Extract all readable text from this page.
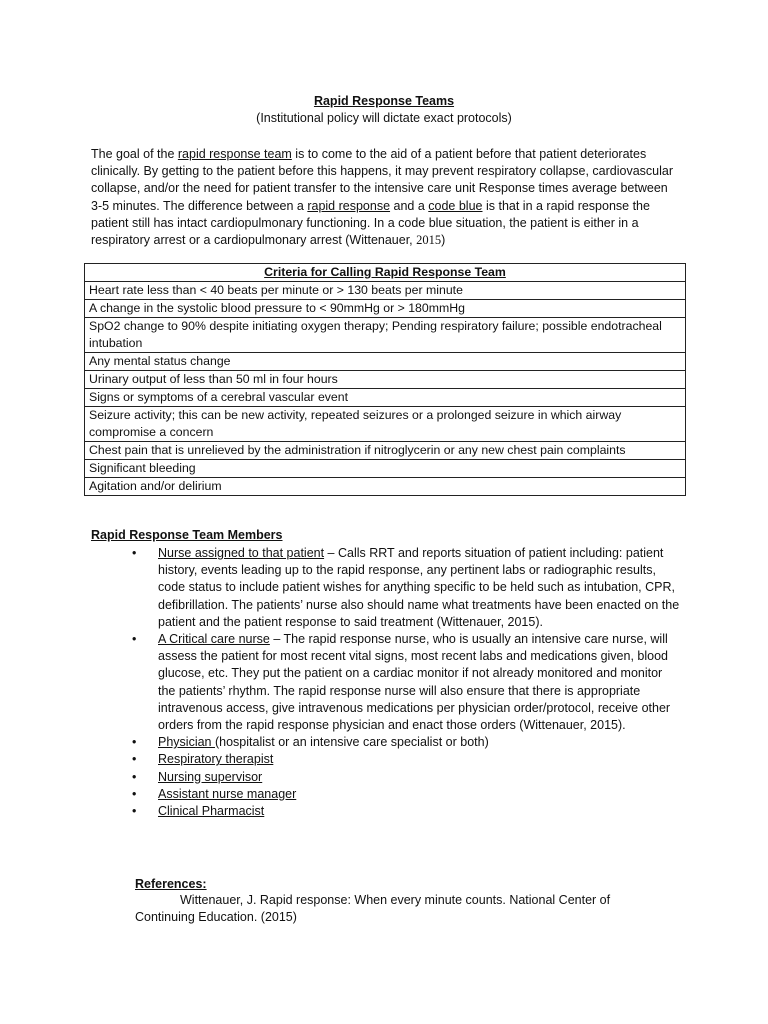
Rapid Response Teams
(Institutional policy will dictate exact protocols)
The goal of the rapid response team is to come to the aid of a patient before that patient deteriorates clinically. By getting to the patient before this happens, it may prevent respiratory collapse, cardiovascular collapse, and/or the need for patient transfer to the intensive care unit Response times average between 3-5 minutes. The difference between a rapid response and a code blue is that in a rapid response the patient still has intact cardiopulmonary functioning. In a code blue situation, the patient is either in a respiratory arrest or a cardiopulmonary arrest (Wittenauer, 2015)
Criteria for Calling Rapid Response Team
Heart rate less than < 40 beats per minute or > 130 beats per minute
A change in the systolic blood pressure to < 90mmHg or > 180mmHg
SpO2 change to 90% despite initiating oxygen therapy; Pending respiratory failure; possible endotracheal intubation
Any mental status change
Urinary output of less than 50 ml in four hours
Signs or symptoms of a cerebral vascular event
Seizure activity; this can be new activity, repeated seizures or a prolonged seizure in which airway compromise a concern
Chest pain that is unrelieved by the administration if nitroglycerin or any new chest pain complaints
Significant bleeding
Agitation and/or delirium
Rapid Response Team Members
• Nurse assigned to that patient – Calls RRT and reports situation of patient including: patient history, events leading up to the rapid response, any pertinent labs or radiographic results, code status to include patient wishes for anything specific to be held such as intubation, CPR, defibrillation. The patients’ nurse also should name what treatments have been enacted on the patient and the patient response to said treatment (Wittenauer, 2015).
• A Critical care nurse – The rapid response nurse, who is usually an intensive care nurse, will assess the patient for most recent vital signs, most recent labs and medications given, blood glucose, etc. They put the patient on a cardiac monitor if not already monitored and monitor the patients’ rhythm. The rapid response nurse will also ensure that there is appropriate intravenous access, give intravenous medications per physician order/protocol, receive other orders from the rapid response physician and enact those orders (Wittenauer, 2015).
• Physician (hospitalist or an intensive care specialist or both)
• Respiratory therapist
• Nursing supervisor
• Assistant nurse manager
• Clinical Pharmacist
References:
Wittenauer, J. Rapid response: When every minute counts. National Center of Continuing Education. (2015)
